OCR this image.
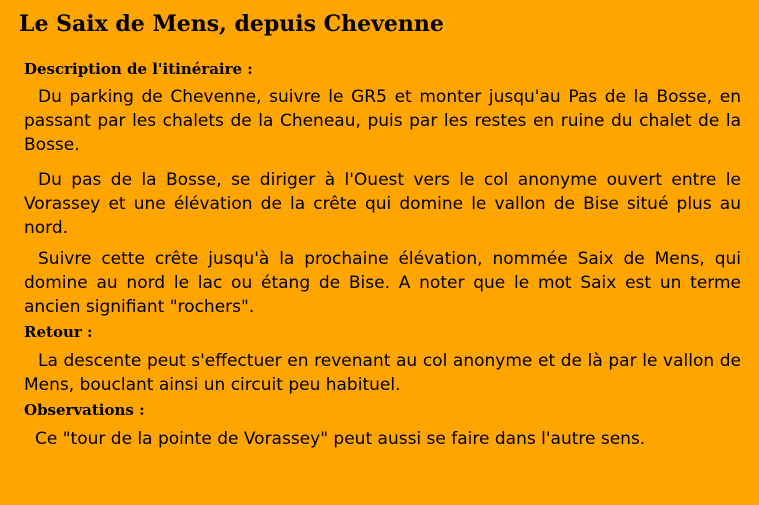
Le Saix de Mens, depuis Chevenne
Description de l'itinéraire :

Du parking de Chevenne, suivre le GR5 et monter jusqu'au Pas de la Bosse, en passant par les chalets de la Cheneau, puis par les restes en ruine du chalet de la Bosse.

Du pas de la Bosse, se diriger à l'Ouest vers le col anonyme ouvert entre le Vorassey et une élévation de la crête qui domine le vallon de Bise situé plus au nord.

Suivre cette crête jusqu'à la prochaine élévation, nommée Saix de Mens, qui domine au nord le lac ou étang de Bise. A noter que le mot Saix est un terme ancien signifiant "rochers".

Retour :

La descente peut s'effectuer en revenant au col anonyme et de là par le vallon de Mens, bouclant ainsi un circuit peu habituel.

Observations :

Ce "tour de la pointe de Vorassey" peut aussi se faire dans l'autre sens.
